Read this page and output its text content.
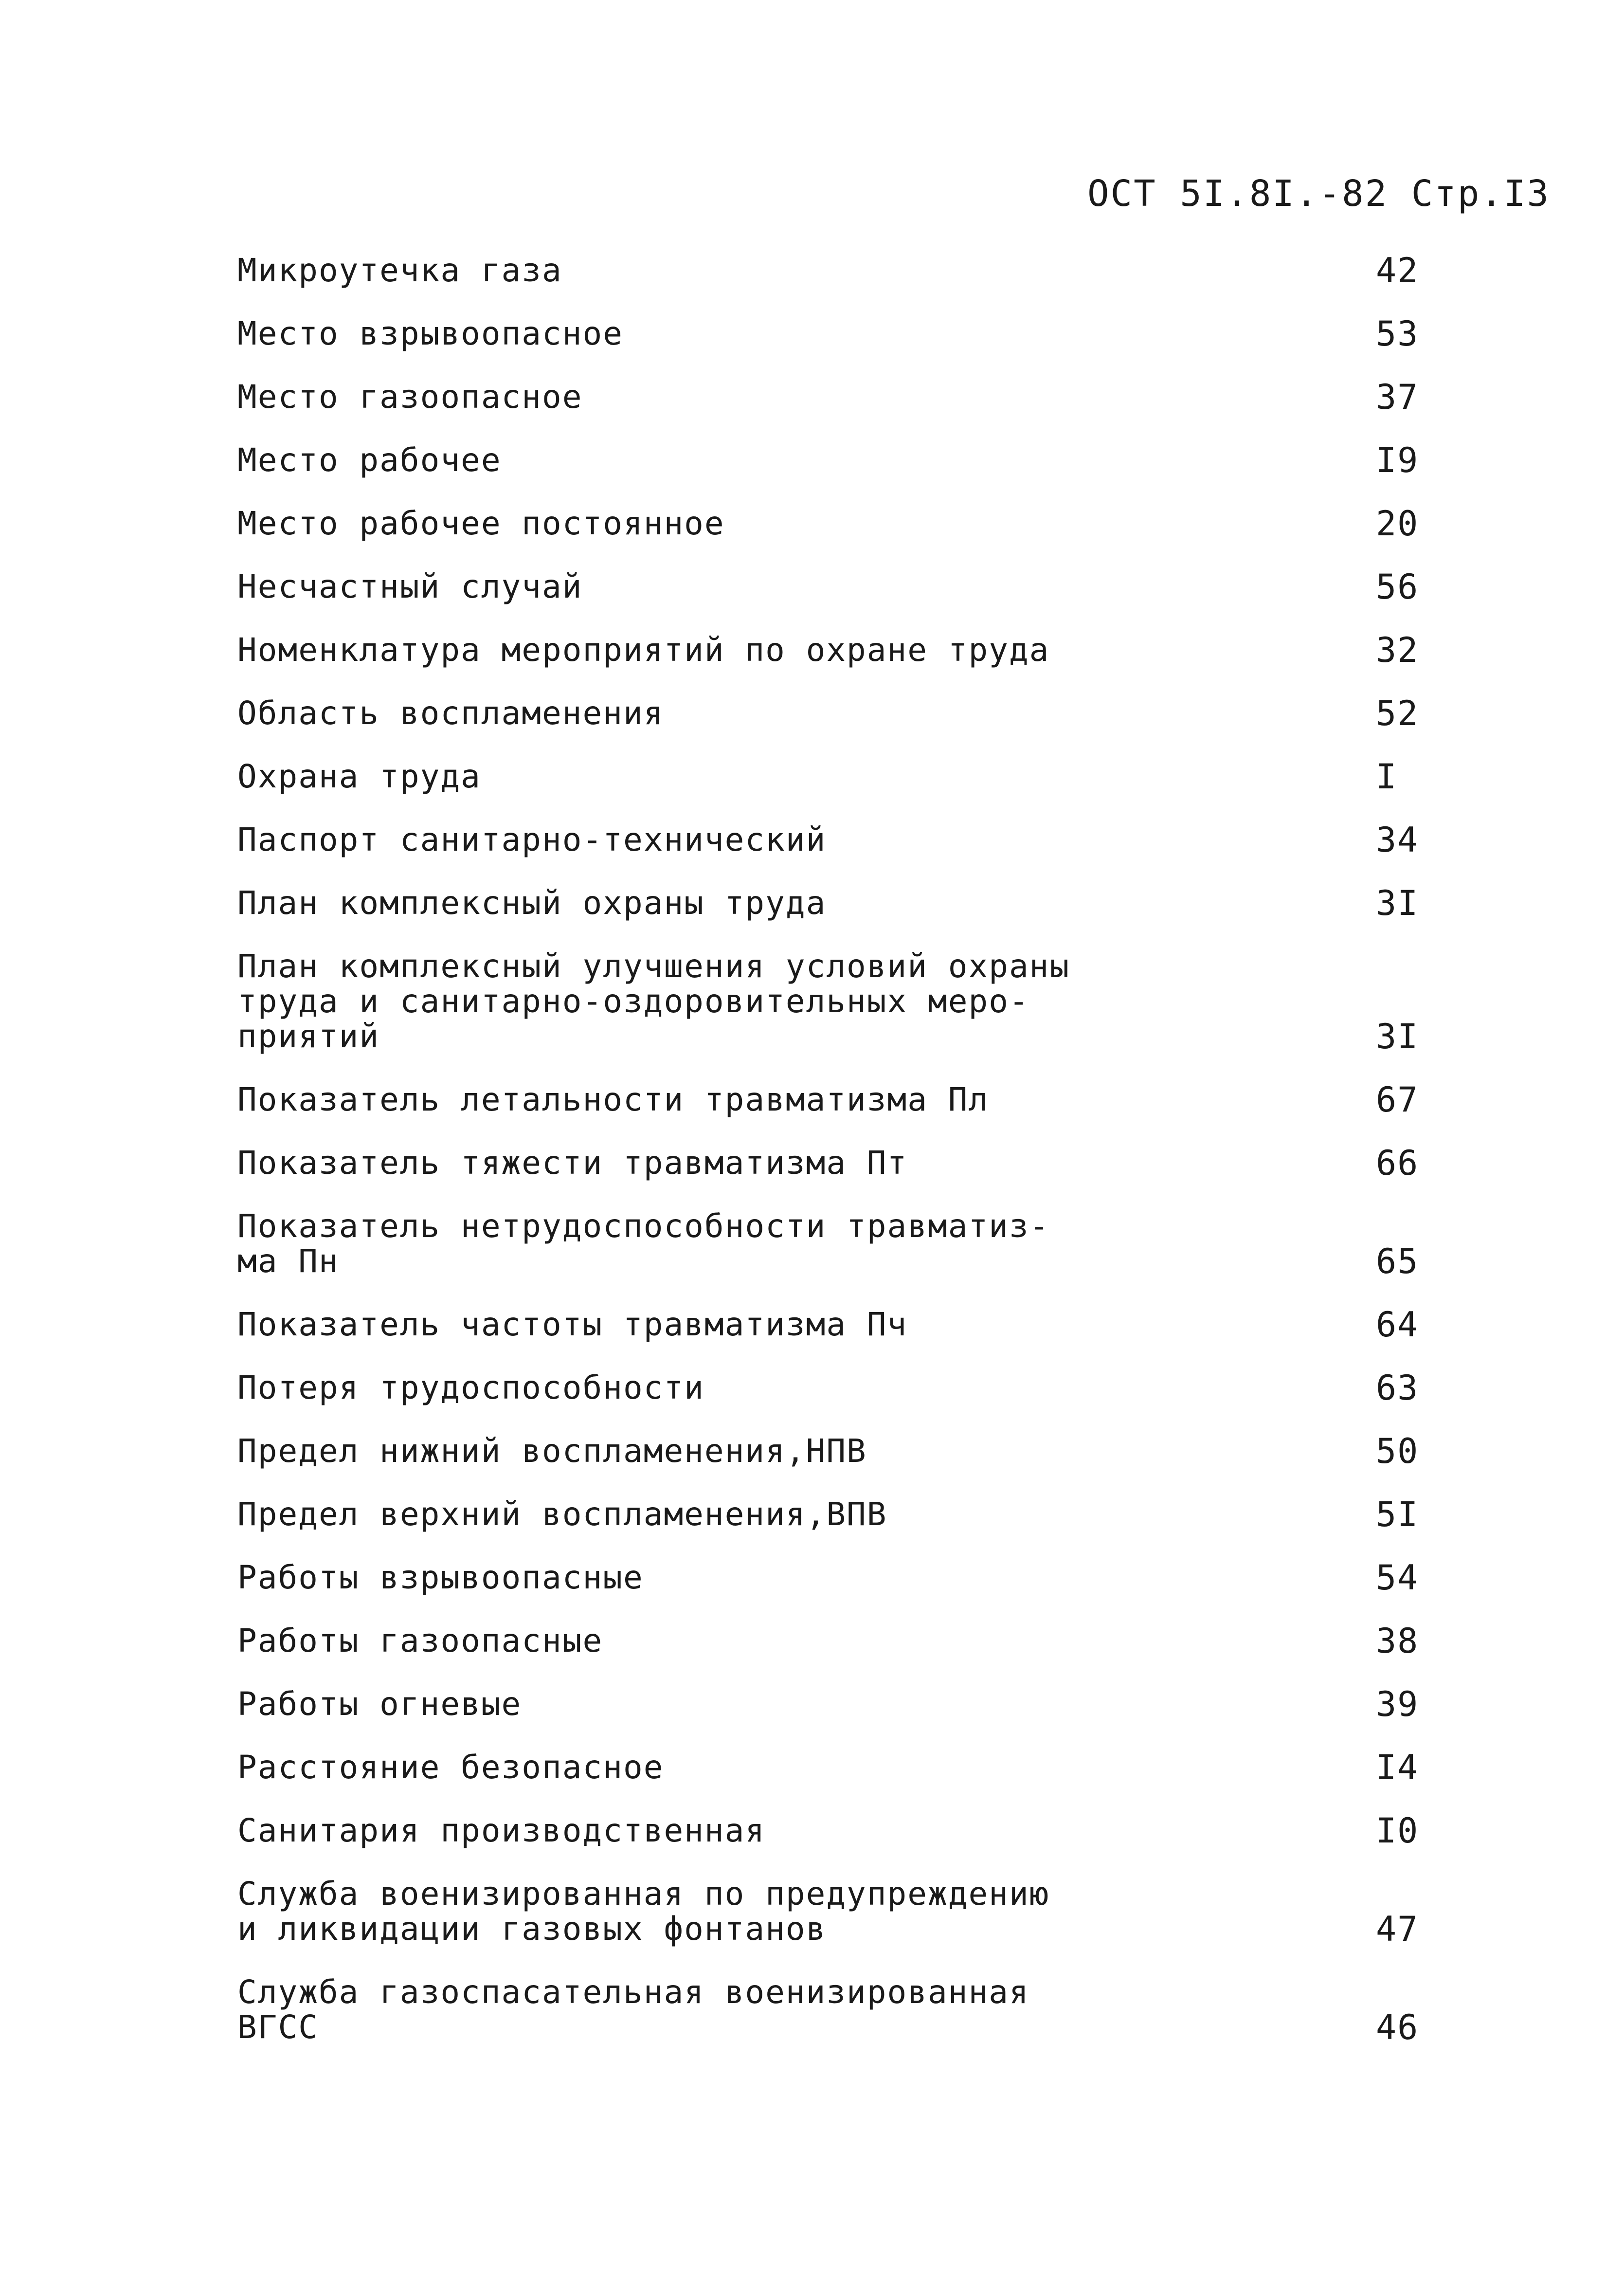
ОСТ 5I.8I.-82 Стр.I3
Микроутечка газа	42
Место взрывоопасное	53
Место газоопасное	37
Место рабочее	I9
Место рабочее постоянное	20
Несчастный случай	56
Номенклатура мероприятий по охране труда	32
Область воспламенения	52
Охрана труда	I
Паспорт санитарно-технический	34
План комплексный охраны труда	3I
План комплексный улучшения условий охраны
труда и санитарно-оздоровительных меро-
приятий	3I
Показатель летальности травматизма Пл	67
Показатель тяжести травматизма Пт	66
Показатель нетрудоспособности травматиз-
ма Пн	65
Показатель частоты травматизма Пч	64
Потеря трудоспособности	63
Предел нижний воспламенения,НПВ	50
Предел верхний воспламенения,ВПВ	5I
Работы взрывоопасные	54
Работы газоопасные	38
Работы огневые	39
Расстояние безопасное	I4
Санитария производственная	I0
Служба военизированная по предупреждению
и ликвидации газовых фонтанов	47
Служба газоспасательная военизированная
ВГСС	46
